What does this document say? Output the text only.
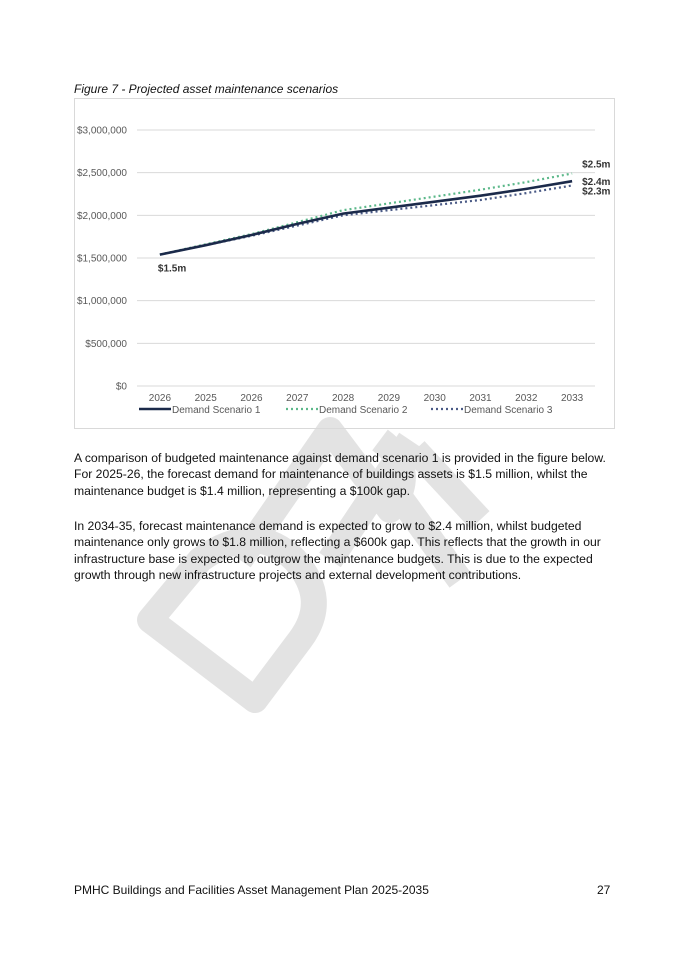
Figure 7 - Projected asset maintenance scenarios
$0
$500,000
$1,000,000
$1,500,000
$2,000,000
$2,500,000
$3,000,000
2026 2025 2026 2027 2028 2029 2030 2031 2032 2033
$1.5m
$2.5m
$2.4m
$2.3m
Demand Scenario 1	Demand Scenario 2	Demand Scenario 3

A comparison of budgeted maintenance against demand scenario 1 is provided in the figure below. For 2025-26, the forecast demand for maintenance of buildings assets is $1.5 million, whilst the maintenance budget is $1.4 million, representing a $100k gap.

In 2034-35, forecast maintenance demand is expected to grow to $2.4 million, whilst budgeted maintenance only grows to $1.8 million, reflecting a $600k gap. This reflects that the growth in our infrastructure base is expected to outgrow the maintenance budgets. This is due to the expected growth through new infrastructure projects and external development contributions.

PMHC Buildings and Facilities Asset Management Plan 2025-2035	27
